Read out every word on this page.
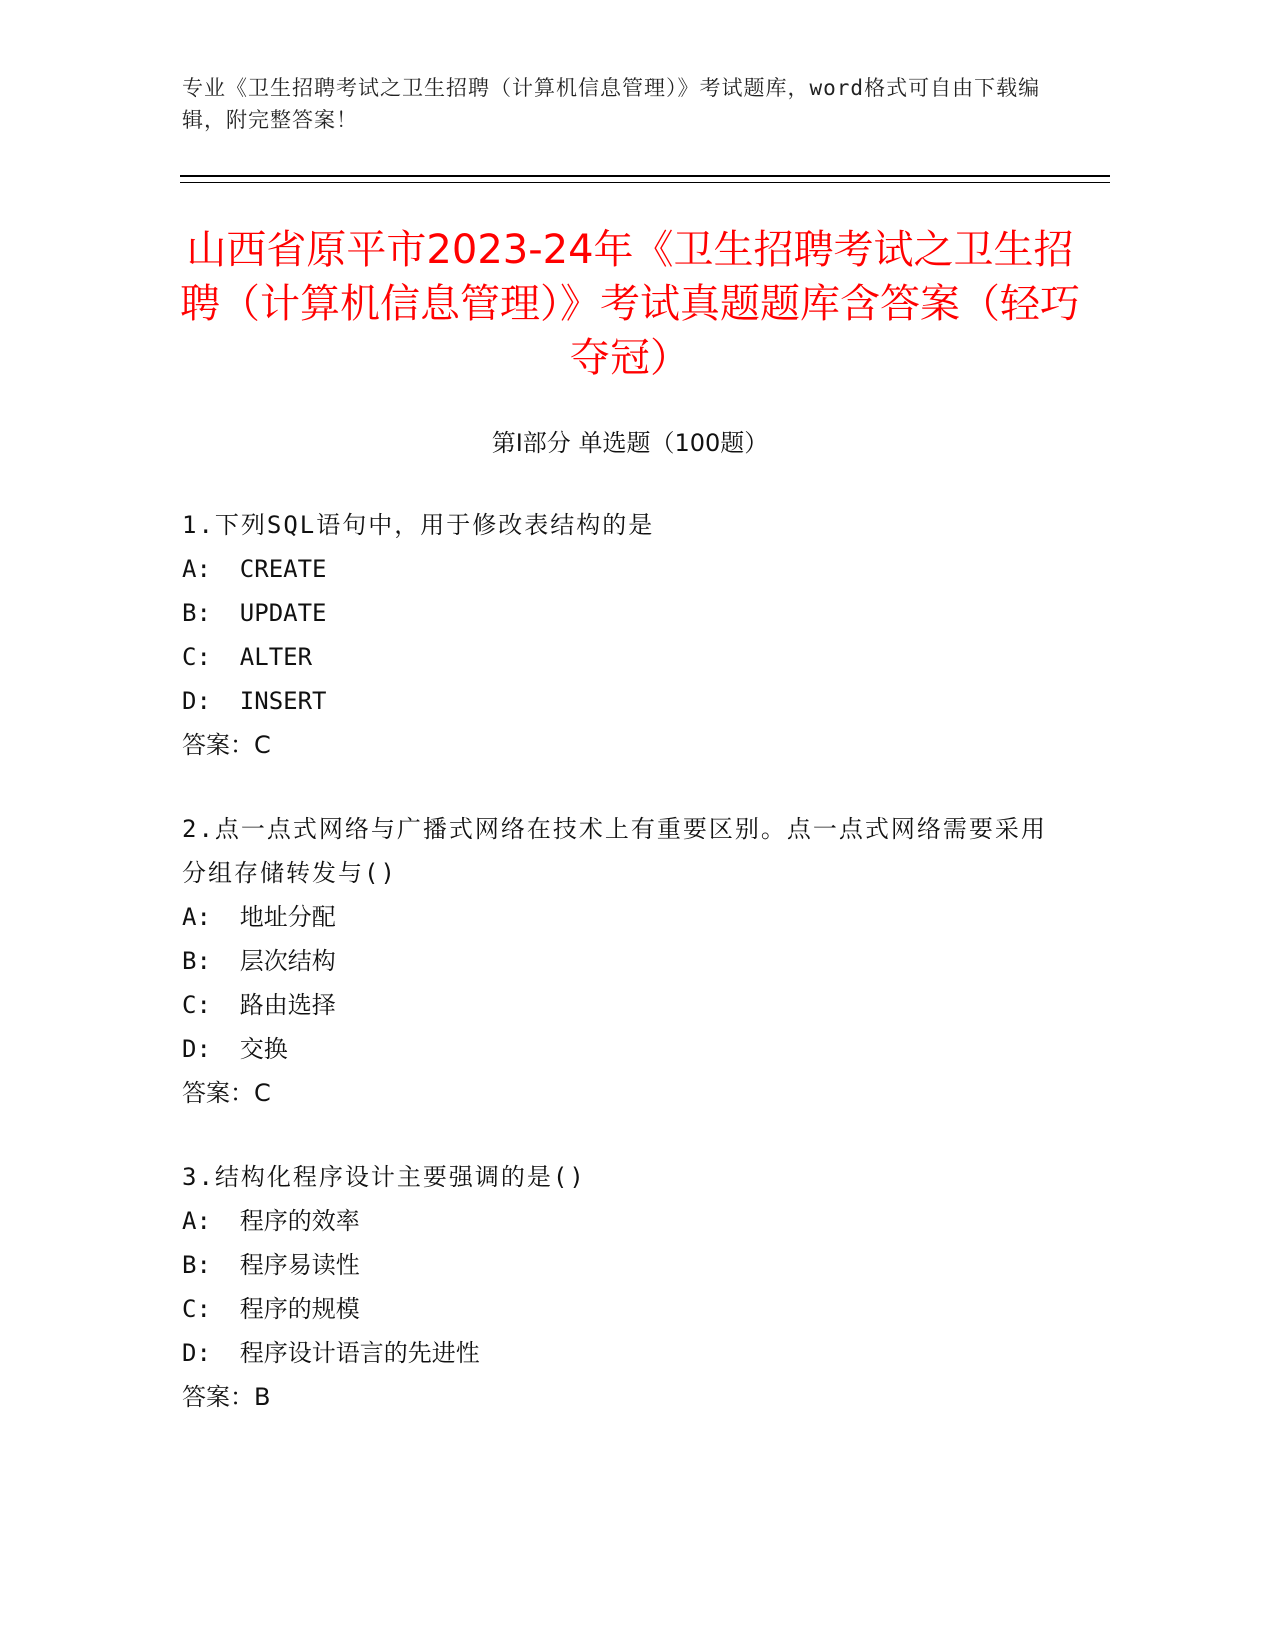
专业《卫生招聘考试之卫生招聘（计算机信息管理）》考试题库，word格式可自由下载编辑，附完整答案！
山西省原平市2023-24年《卫生招聘考试之卫生招聘（计算机信息管理）》考试真题题库含答案（轻巧夺冠）
第Ⅰ部分 单选题（100题）

1.下列SQL语句中，用于修改表结构的是

A:  CREATE

B:  UPDATE

C:  ALTER

D:  INSERT

答案：C

2.点一点式网络与广播式网络在技术上有重要区别。点一点式网络需要采用分组存储转发与()

A:  地址分配

B:  层次结构

C:  路由选择

D:  交换

答案：C

3.结构化程序设计主要强调的是()

A:  程序的效率

B:  程序易读性

C:  程序的规模

D:  程序设计语言的先进性

答案：B
